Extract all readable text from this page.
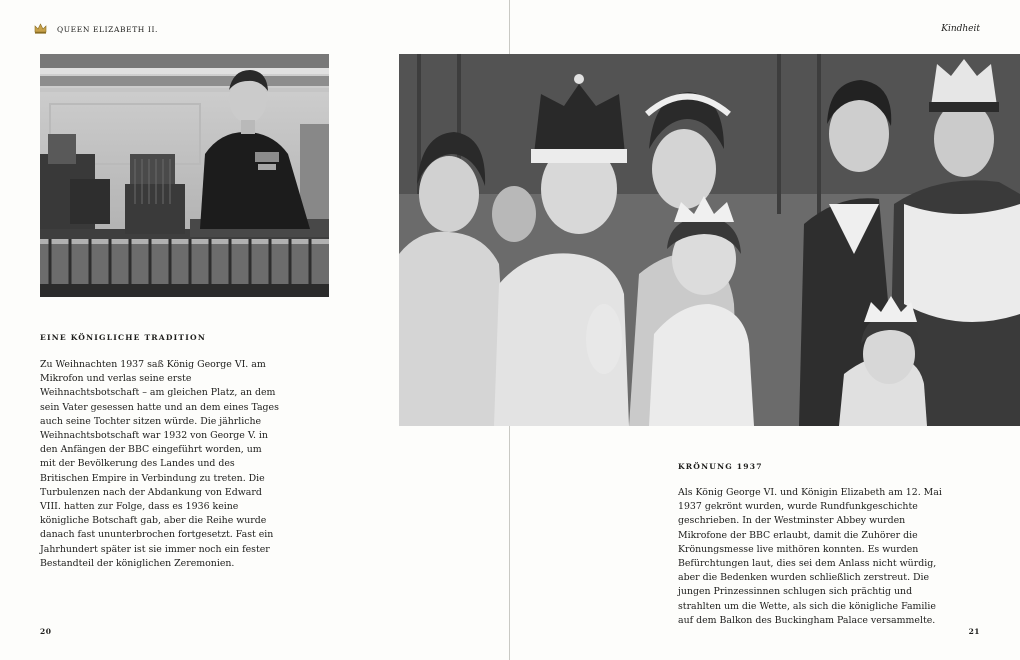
QUEEN ELIZABETH II.	Kindheit
EINE KÖNIGLICHE TRADITION
Zu Weihnachten 1937 saß König George VI. am Mikrofon und verlas seine erste Weihnachtsbotschaft – am gleichen Platz, an dem sein Vater gesessen hatte und an dem eines Tages auch seine Tochter sitzen würde. Die jährliche Weihnachtsbotschaft war 1932 von George V. in den Anfängen der BBC eingeführt worden, um mit der Bevölkerung des Landes und des Britischen Empire in Verbindung zu treten. Die Turbulenzen nach der Abdankung von Edward VIII. hatten zur Folge, dass es 1936 keine königliche Botschaft gab, aber die Reihe wurde danach fast ununterbrochen fortgesetzt. Fast ein Jahrhundert später ist sie immer noch ein fester Bestandteil der königlichen Zeremonien.
20
KRÖNUNG 1937
Als König George VI. und Königin Elizabeth am 12. Mai 1937 gekrönt wurden, wurde Rundfunkgeschichte geschrieben. In der Westminster Abbey wurden Mikrofone der BBC erlaubt, damit die Zuhörer die Krönungsmesse live mithören konnten. Es wurden Befürchtungen laut, dies sei dem Anlass nicht würdig, aber die Bedenken wurden schließlich zerstreut. Die jungen Prinzessinnen schlugen sich prächtig und strahlten um die Wette, als sich die königliche Familie auf dem Balkon des Buckingham Palace versammelte.
21
